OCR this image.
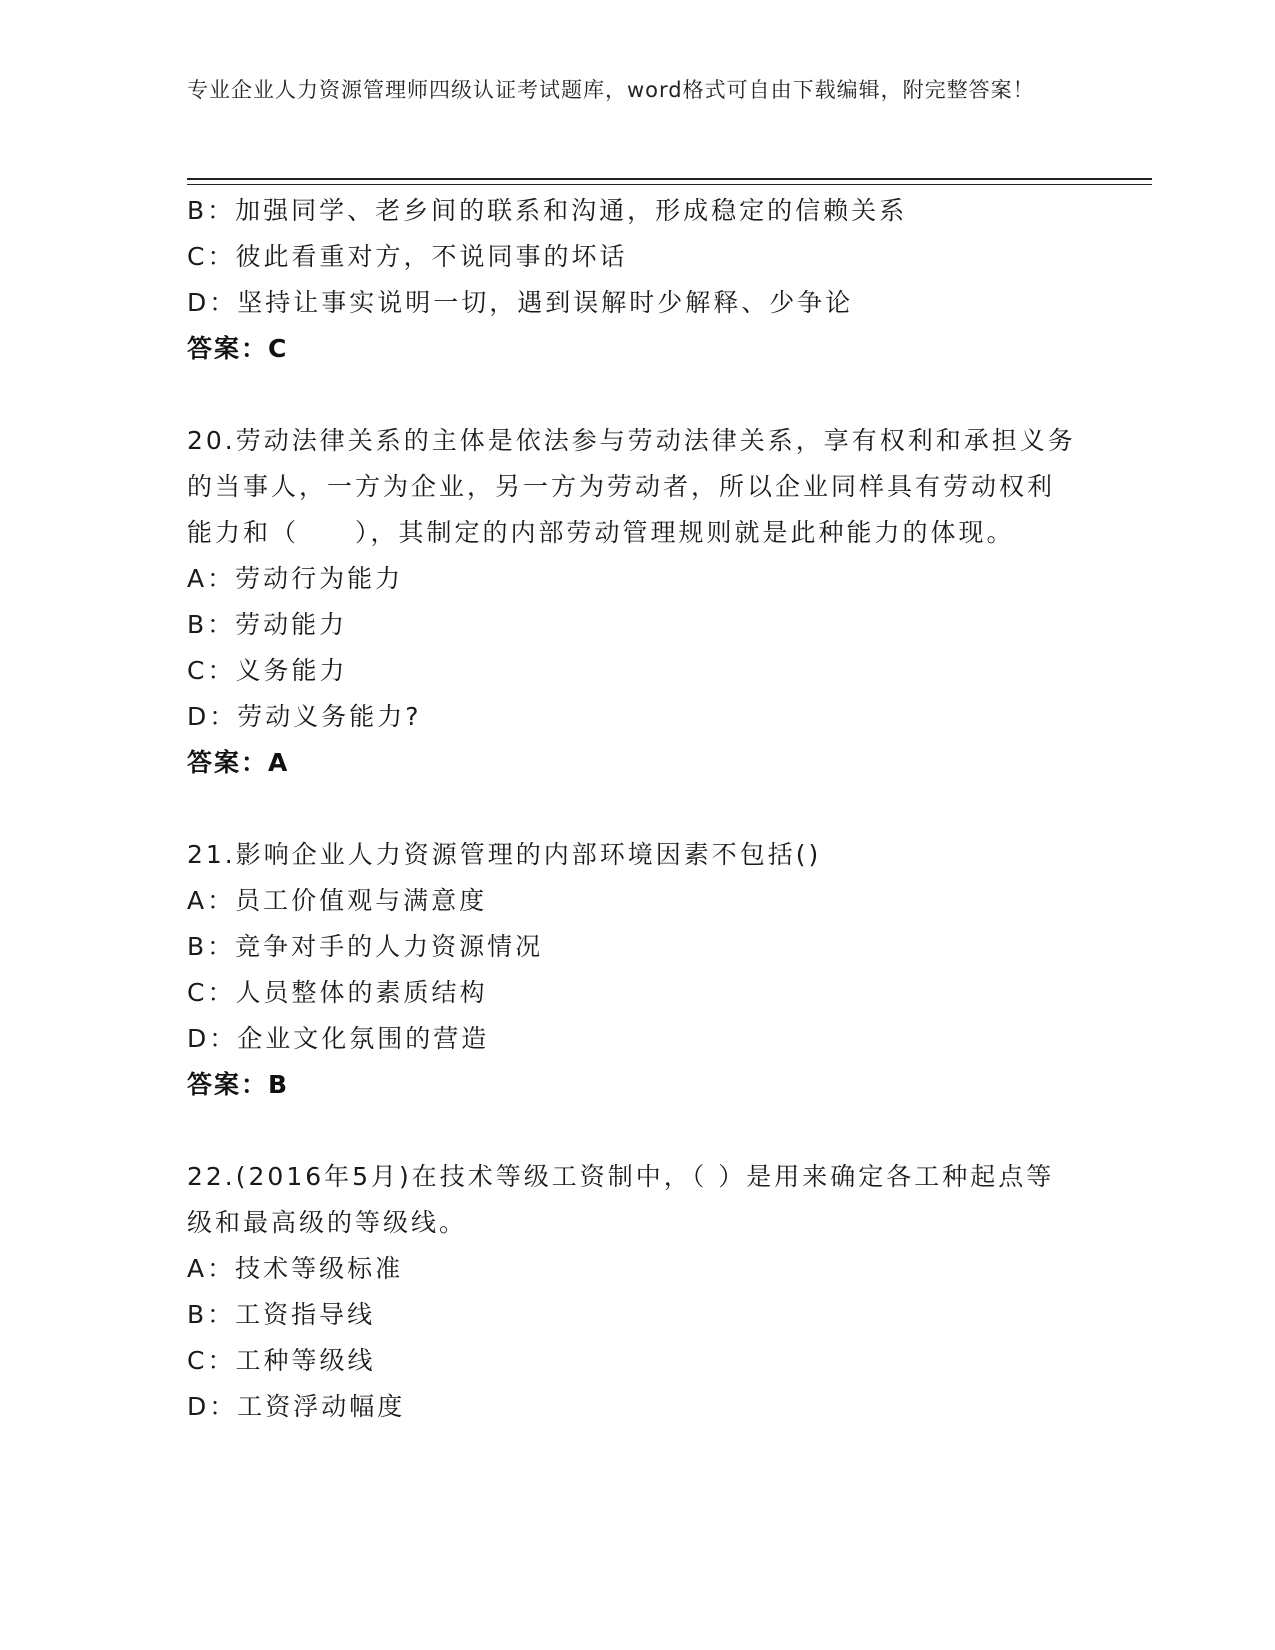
专业企业人力资源管理师四级认证考试题库，word格式可自由下载编辑，附完整答案！
B：加强同学、老乡间的联系和沟通，形成稳定的信赖关系
C：彼此看重对方，不说同事的坏话
D：坚持让事实说明一切，遇到误解时少解释、少争论
答案：C
20.劳动法律关系的主体是依法参与劳动法律关系，享有权利和承担义务的当事人，一方为企业，另一方为劳动者，所以企业同样具有劳动权利能力和（　　），其制定的内部劳动管理规则就是此种能力的体现。
A：劳动行为能力
B：劳动能力
C：义务能力
D：劳动义务能力?
答案：A
21.影响企业人力资源管理的内部环境因素不包括()
A：员工价值观与满意度
B：竞争对手的人力资源情况
C：人员整体的素质结构
D：企业文化氛围的营造
答案：B
22.(2016年5月)在技术等级工资制中，（ ）是用来确定各工种起点等级和最高级的等级线。
A：技术等级标准
B：工资指导线
C：工种等级线
D：工资浮动幅度
